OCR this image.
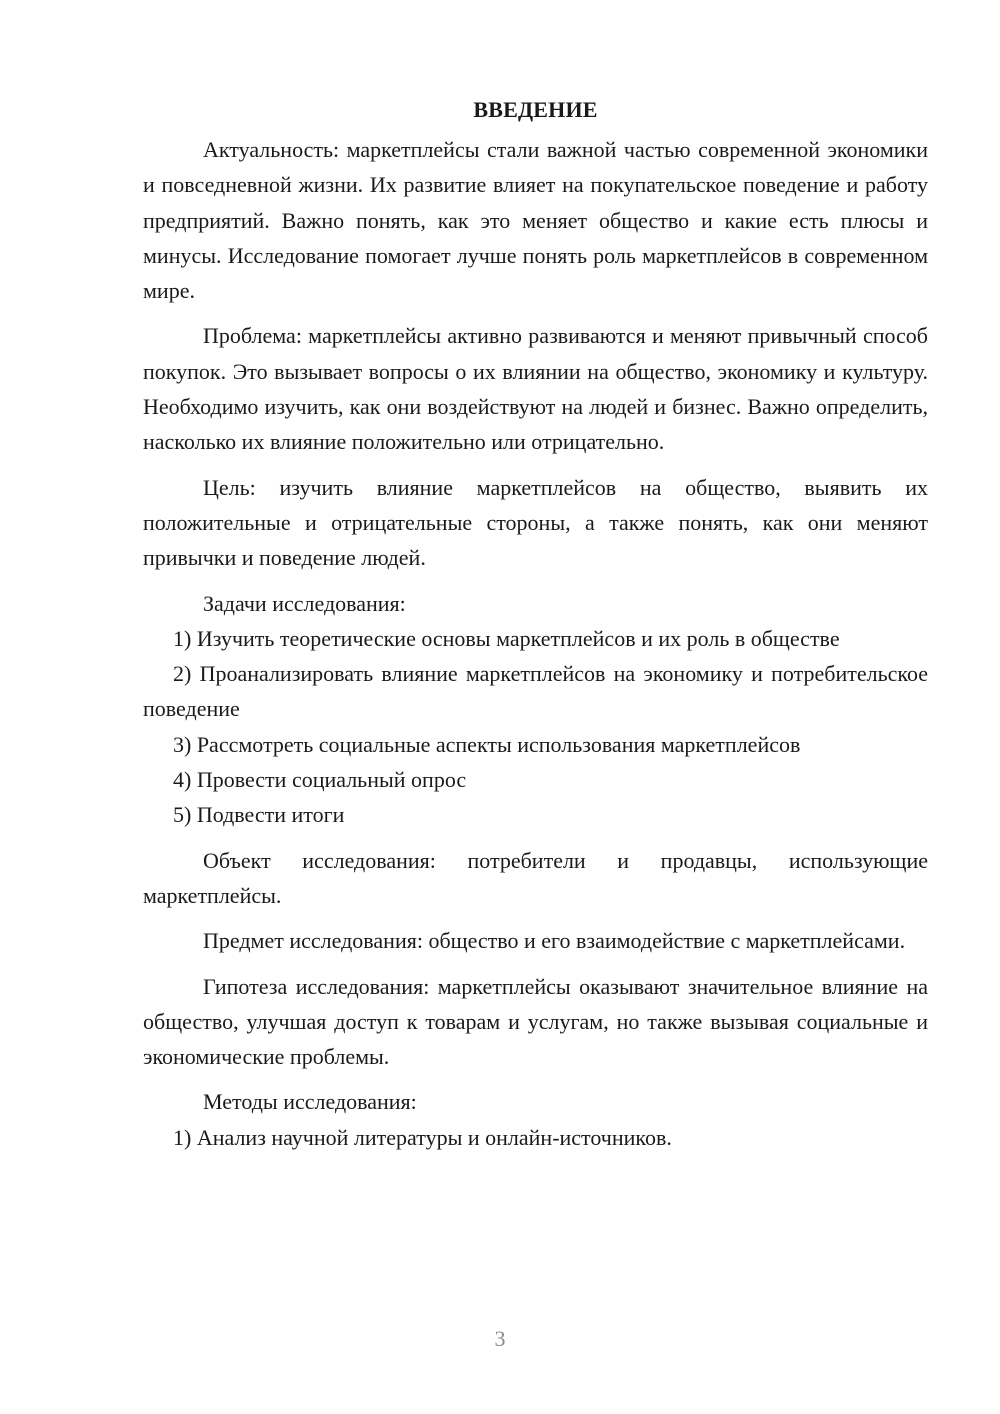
ВВЕДЕНИЕ

Актуальность: маркетплейсы стали важной частью современной экономики и повседневной жизни. Их развитие влияет на покупательское поведение и работу предприятий. Важно понять, как это меняет общество и какие есть плюсы и минусы. Исследование помогает лучше понять роль маркетплейсов в современном мире.

Проблема: маркетплейсы активно развиваются и меняют привычный способ покупок. Это вызывает вопросы о их влиянии на общество, экономику и культуру. Необходимо изучить, как они воздействуют на людей и бизнес. Важно определить, насколько их влияние положительно или отрицательно.

Цель: изучить влияние маркетплейсов на общество, выявить их положительные и отрицательные стороны, а также понять, как они меняют привычки и поведение людей.

Задачи исследования:

1) Изучить теоретические основы маркетплейсов и их роль в обществе

2) Проанализировать влияние маркетплейсов на экономику и потребительское поведение

3) Рассмотреть социальные аспекты использования маркетплейсов

4) Провести социальный опрос

5) Подвести итоги

Объект исследования: потребители и продавцы, использующие маркетплейсы.

Предмет исследования: общество и его взаимодействие с маркетплейсами.

Гипотеза исследования: маркетплейсы оказывают значительное влияние на общество, улучшая доступ к товарам и услугам, но также вызывая социальные и экономические проблемы.

Методы исследования:

1) Анализ научной литературы и онлайн-источников.

3
